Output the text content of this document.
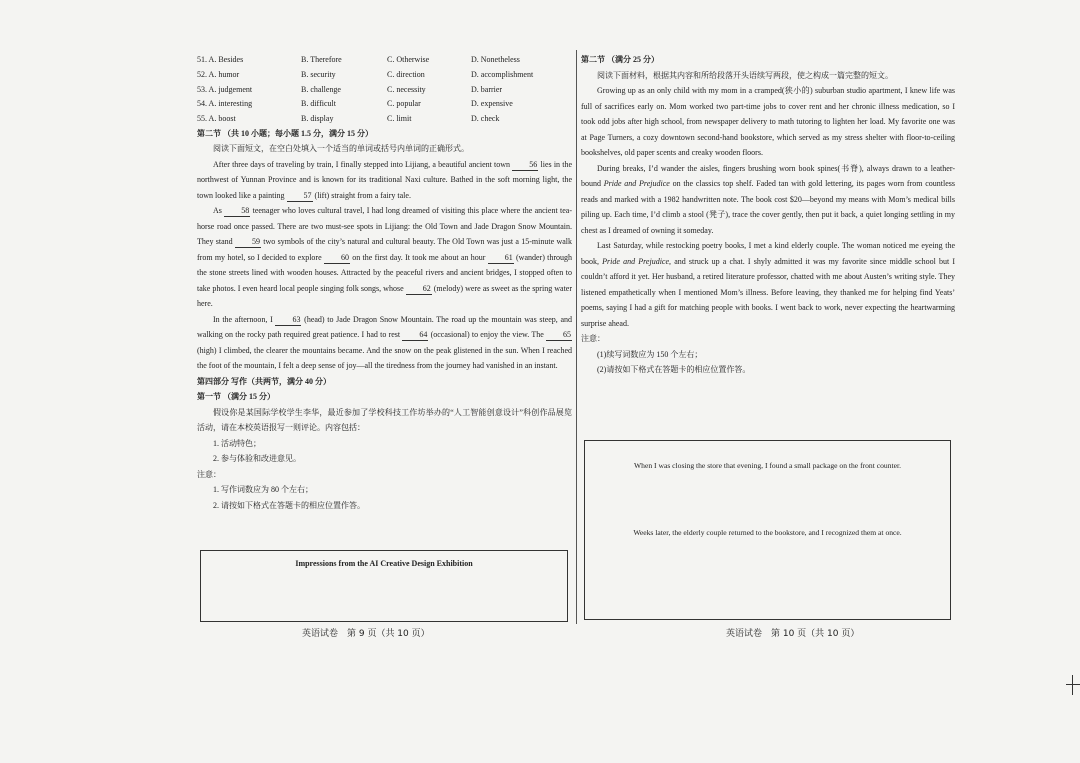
51. A. Besides	B. Therefore	C. Otherwise	D. Nonetheless
52. A. humor	B. security	C. direction	D. accomplishment
53. A. judgement	B. challenge	C. necessity	D. barrier
54. A. interesting	B. difficult	C. popular	D. expensive
55. A. boost	B. display	C. limit	D. check
第二节 （共 10 小题；每小题 1.5 分，满分 15 分）

阅读下面短文，在空白处填入一个适当的单词或括号内单词的正确形式。

After three days of traveling by train, I finally stepped into Lijiang, a beautiful ancient town 56 lies in the northwest of Yunnan Province and is known for its traditional Naxi culture. Bathed in the soft morning light, the town looked like a painting 57 (lift) straight from a fairy tale.

As 58 teenager who loves cultural travel, I had long dreamed of visiting this place where the ancient tea-horse road once passed. There are two must-see spots in Lijiang: the Old Town and Jade Dragon Snow Mountain. They stand 59 two symbols of the city’s natural and cultural beauty. The Old Town was just a 15-minute walk from my hotel, so I decided to explore 60 on the first day. It took me about an hour 61 (wander) through the stone streets lined with wooden houses. Attracted by the peaceful rivers and ancient bridges, I stopped often to take photos. I even heard local people singing folk songs, whose 62 (melody) were as sweet as the spring water here.

In the afternoon, I 63 (head) to Jade Dragon Snow Mountain. The road up the mountain was steep, and walking on the rocky path required great patience. I had to rest 64 (occasional) to enjoy the view. The 65 (high) I climbed, the clearer the mountains became. And the snow on the peak glistened in the sun. When I reached the foot of the mountain, I felt a deep sense of joy—all the tiredness from the journey had vanished in an instant.

第四部分 写作（共两节，满分 40 分）
第一节 （满分 15 分）

假设你是某国际学校学生李华，最近参加了学校科技工作坊举办的“人工智能创意设计”科创作品展览活动，请在本校英语报写一则评论。内容包括：

1. 活动特色；
2. 参与体验和改进意见。
注意：
1. 写作词数应为 80 个左右；
2. 请按如下格式在答题卡的相应位置作答。
Impressions from the AI Creative Design Exhibition
第二节 （满分 25 分）

阅读下面材料，根据其内容和所给段落开头语续写两段，使之构成一篇完整的短文。

Growing up as an only child with my mom in a cramped(狭小的) suburban studio apartment, I knew life was full of sacrifices early on. Mom worked two part-time jobs to cover rent and her chronic illness medication, so I took odd jobs after high school, from newspaper delivery to math tutoring to lighten her load. My favorite one was at Page Turners, a cozy downtown second-hand bookstore, which served as my stress shelter with floor-to-ceiling bookshelves, old paper scents and creaky wooden floors.

During breaks, I’d wander the aisles, fingers brushing worn book spines(书脊), always drawn to a leather-bound Pride and Prejudice on the classics top shelf. Faded tan with gold lettering, its pages worn from countless reads and marked with a 1982 handwritten note. The book cost $20—beyond my means with Mom’s medical bills piling up. Each time, I’d climb a stool (凳子), trace the cover gently, then put it back, a quiet longing settling in my chest as I dreamed of owning it someday.

Last Saturday, while restocking poetry books, I met a kind elderly couple. The woman noticed me eyeing the book, Pride and Prejudice, and struck up a chat. I shyly admitted it was my favorite since middle school but I couldn’t afford it yet. Her husband, a retired literature professor, chatted with me about Austen’s writing style. They listened empathetically when I mentioned Mom’s illness. Before leaving, they thanked me for helping find Yeats’ poems, saying I had a gift for matching people with books. I went back to work, never expecting the heartwarming surprise ahead.

注意：
(1)续写词数应为 150 个左右；
(2)请按如下格式在答题卡的相应位置作答。
When I was closing the store that evening, I found a small package on the front counter.
Weeks later, the elderly couple returned to the bookstore, and I recognized them at once.
英语试卷　第 9 页（共 10 页）	英语试卷　第 10 页（共 10 页）
